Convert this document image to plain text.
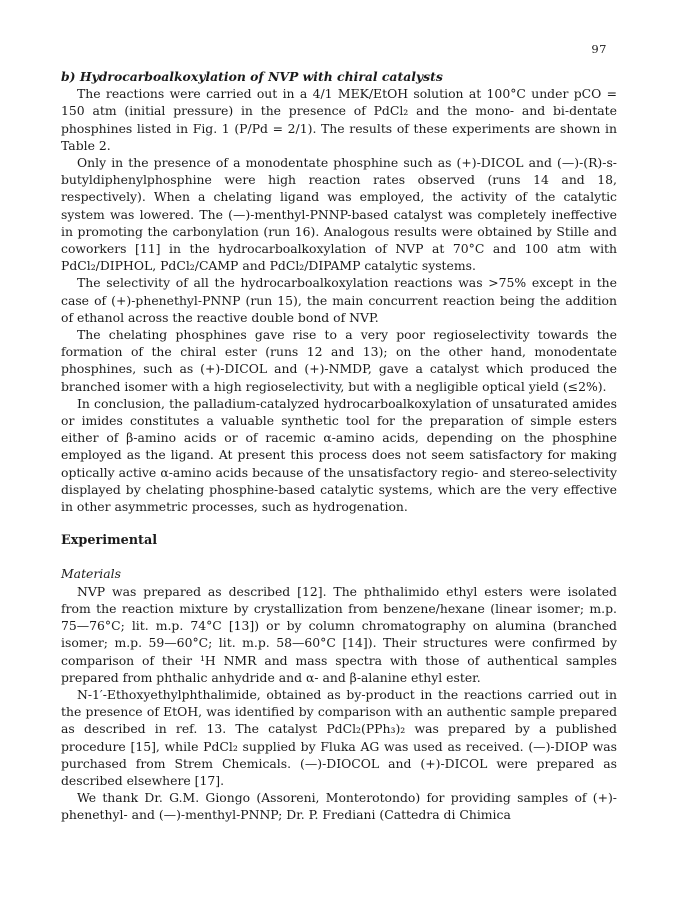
97

b) Hydrocarboalkoxylation of NVP with chiral catalysts

The reactions were carried out in a 4/1 MEK/EtOH solution at 100°C under pCO = 150 atm (initial pressure) in the presence of PdCl₂ and the mono- and bi-dentate phosphines listed in Fig. 1 (P/Pd = 2/1). The results of these experiments are shown in Table 2.

Only in the presence of a monodentate phosphine such as (+)-DICOL and (—)-(R)-s-butyldiphenylphosphine were high reaction rates observed (runs 14 and 18, respectively). When a chelating ligand was employed, the activity of the catalytic system was lowered. The (—)-menthyl-PNNP-based catalyst was completely ineffective in promoting the carbonylation (run 16). Analogous results were obtained by Stille and coworkers [11] in the hydrocarboalkoxylation of NVP at 70°C and 100 atm with PdCl₂/DIPHOL, PdCl₂/CAMP and PdCl₂/DIPAMP catalytic systems.

The selectivity of all the hydrocarboalkoxylation reactions was >75% except in the case of (+)-phenethyl-PNNP (run 15), the main concurrent reaction being the addition of ethanol across the reactive double bond of NVP.

The chelating phosphines gave rise to a very poor regioselectivity towards the formation of the chiral ester (runs 12 and 13); on the other hand, monodentate phosphines, such as (+)-DICOL and (+)-NMDP, gave a catalyst which produced the branched isomer with a high regioselectivity, but with a negligible optical yield (≤2%).

In conclusion, the palladium-catalyzed hydrocarboalkoxylation of unsaturated amides or imides constitutes a valuable synthetic tool for the preparation of simple esters either of β-amino acids or of racemic α-amino acids, depending on the phosphine employed as the ligand. At present this process does not seem satisfactory for making optically active α-amino acids because of the unsatisfactory regio- and stereo-selectivity displayed by chelating phosphine-based catalytic systems, which are the very effective in other asymmetric processes, such as hydrogenation.

Experimental

Materials

NVP was prepared as described [12]. The phthalimido ethyl esters were isolated from the reaction mixture by crystallization from benzene/hexane (linear isomer; m.p. 75—76°C; lit. m.p. 74°C [13]) or by column chromatography on alumina (branched isomer; m.p. 59—60°C; lit. m.p. 58—60°C [14]). Their structures were confirmed by comparison of their ¹H NMR and mass spectra with those of authentical samples prepared from phthalic anhydride and α- and β-alanine ethyl ester.

N-1′-Ethoxyethylphthalimide, obtained as by-product in the reactions carried out in the presence of EtOH, was identified by comparison with an authentic sample prepared as described in ref. 13. The catalyst PdCl₂(PPh₃)₂ was prepared by a published procedure [15], while PdCl₂ supplied by Fluka AG was used as received. (—)-DIOP was purchased from Strem Chemicals. (—)-DIOCOL and (+)-DICOL were prepared as described elsewhere [17].

We thank Dr. G.M. Giongo (Assoreni, Monterotondo) for providing samples of (+)-phenethyl- and (—)-menthyl-PNNP; Dr. P. Frediani (Cattedra di Chimica
